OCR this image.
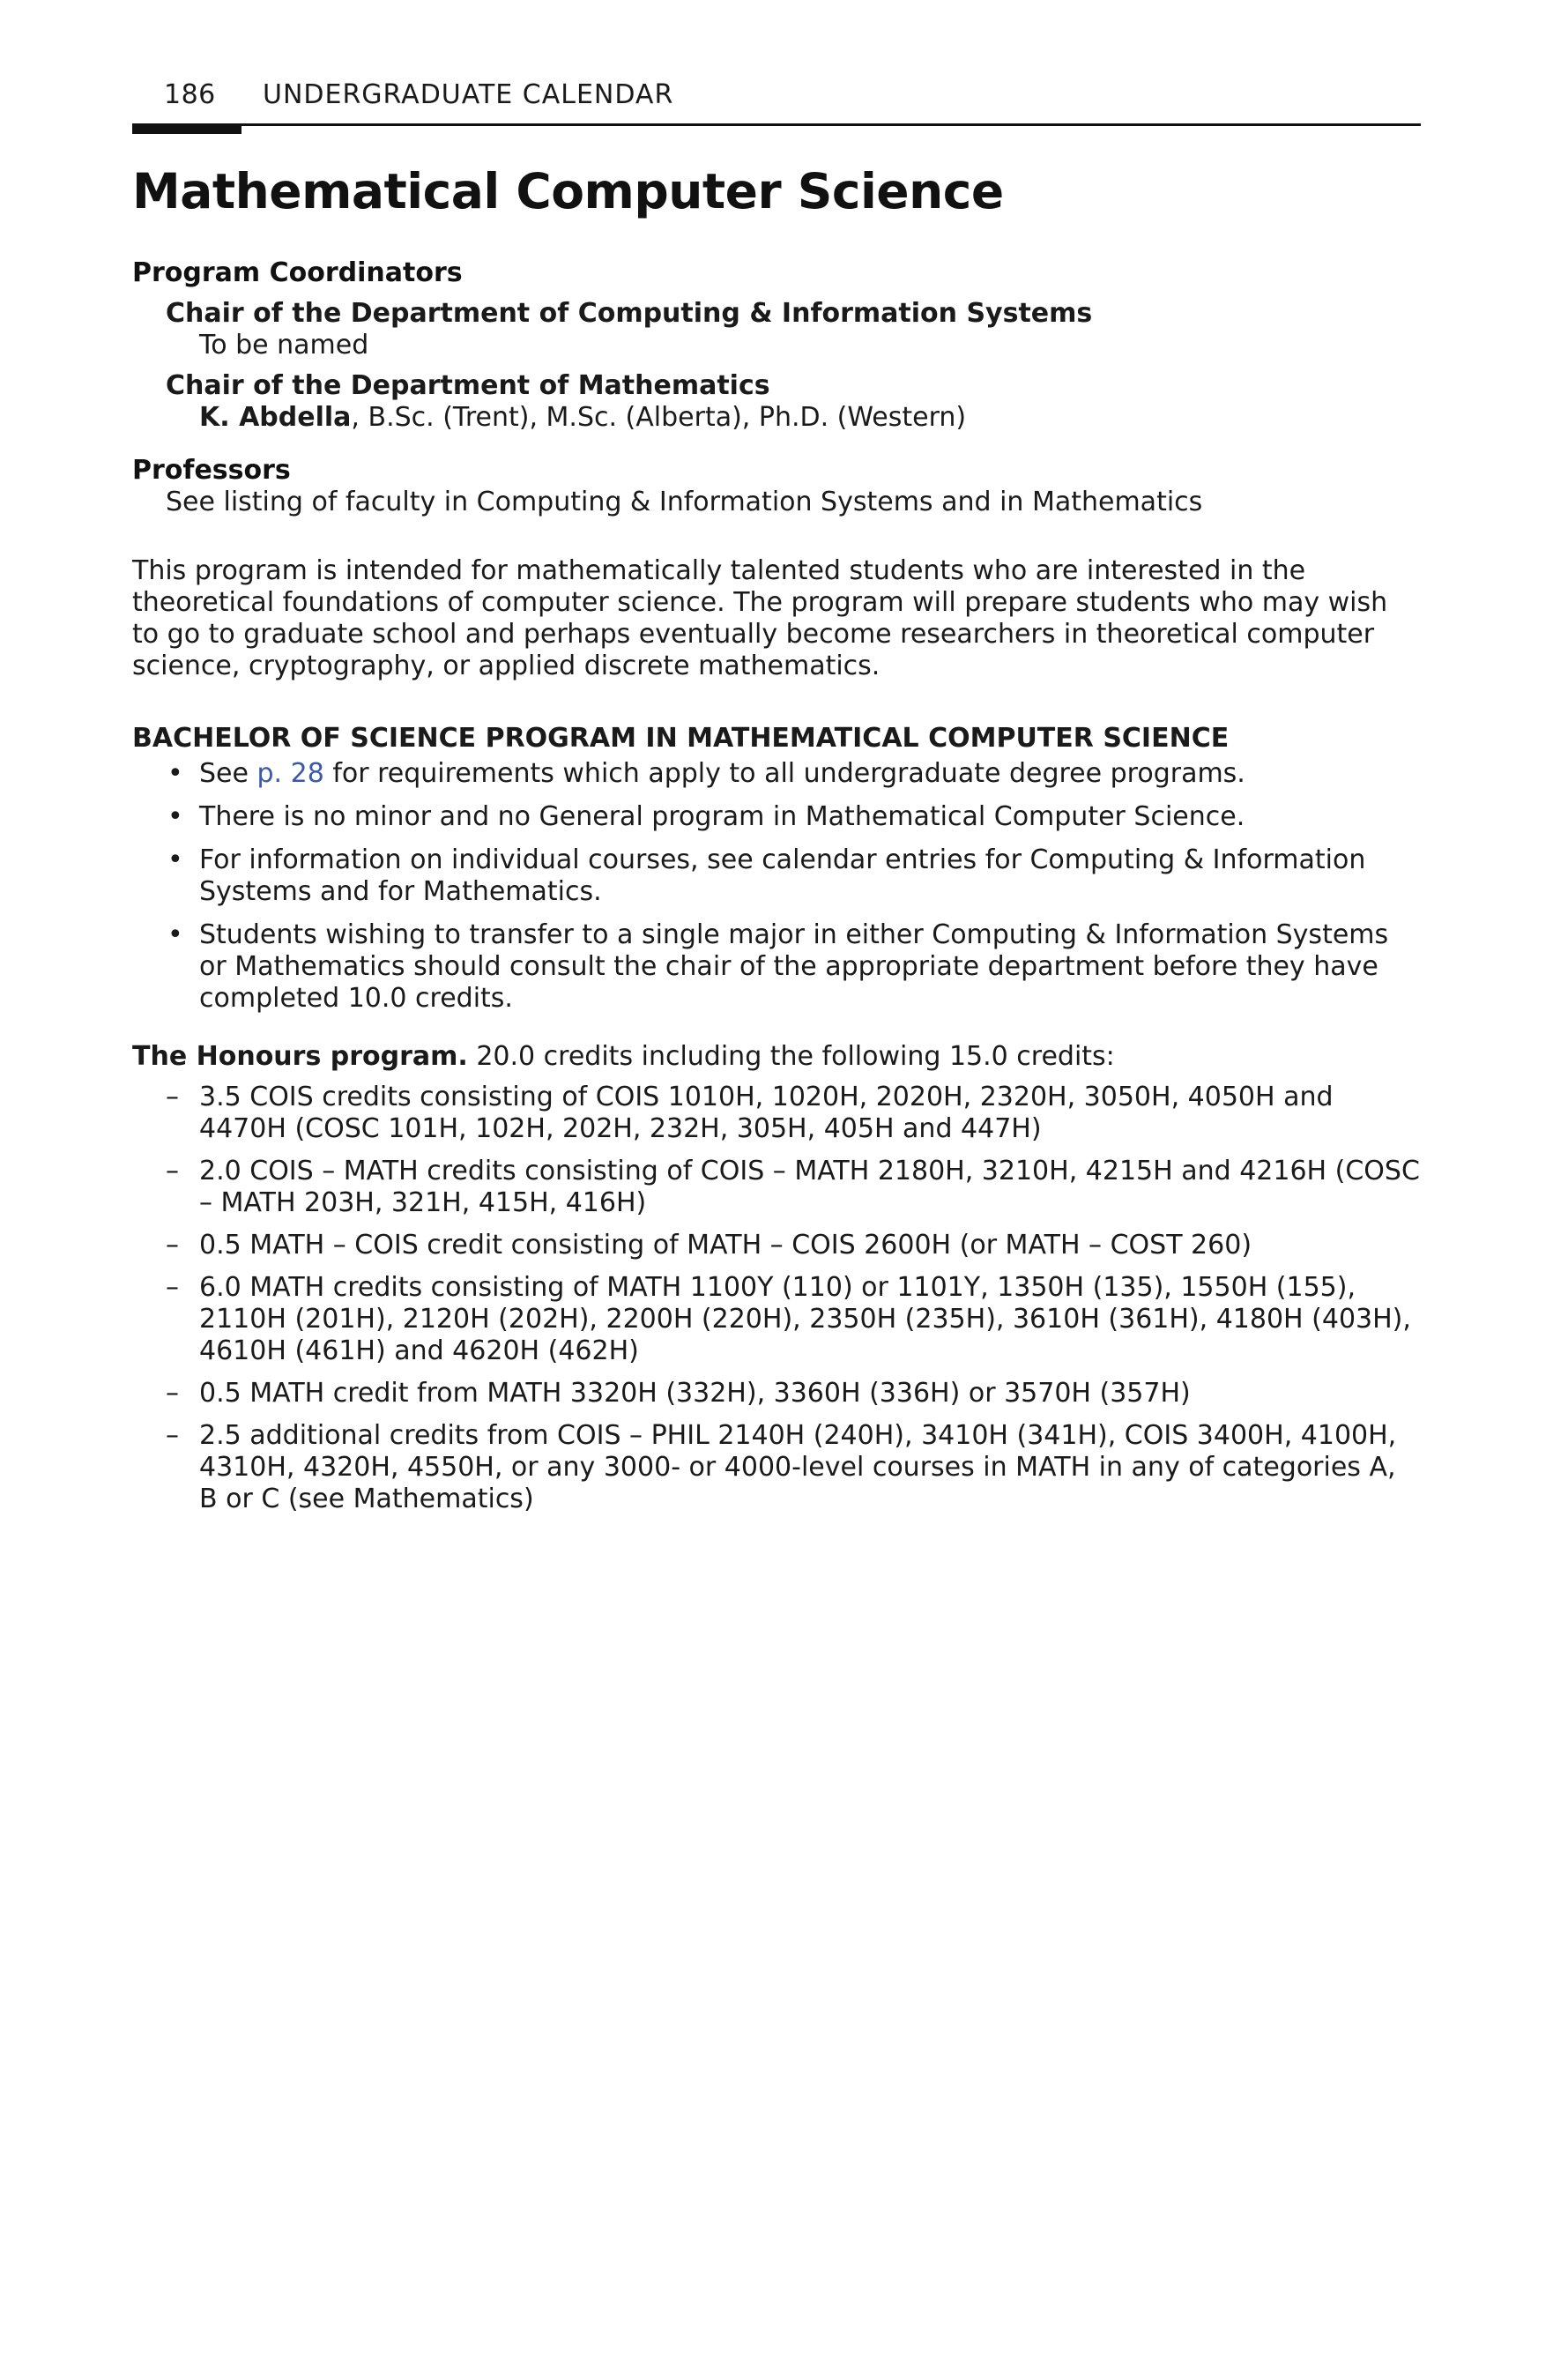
186 UNDERGRADUATE CALENDAR
Mathematical Computer Science
Program Coordinators
Chair of the Department of Computing & Information Systems
To be named
Chair of the Department of Mathematics
K. Abdella, B.Sc. (Trent), M.Sc. (Alberta), Ph.D. (Western)
Professors
See listing of faculty in Computing & Information Systems and in Mathematics
This program is intended for mathematically talented students who are interested in the theoretical foundations of computer science. The program will prepare students who may wish to go to graduate school and perhaps eventually become researchers in theoretical computer science, cryptography, or applied discrete mathematics.
BACHELOR OF SCIENCE PROGRAM IN MATHEMATICAL COMPUTER SCIENCE
• See p. 28 for requirements which apply to all undergraduate degree programs.
• There is no minor and no General program in Mathematical Computer Science.
• For information on individual courses, see calendar entries for Computing & Information Systems and for Mathematics.
• Students wishing to transfer to a single major in either Computing & Information Systems or Mathematics should consult the chair of the appropriate department before they have completed 10.0 credits.
The Honours program. 20.0 credits including the following 15.0 credits:
– 3.5 COIS credits consisting of COIS 1010H, 1020H, 2020H, 2320H, 3050H, 4050H and 4470H (COSC 101H, 102H, 202H, 232H, 305H, 405H and 447H)
– 2.0 COIS – MATH credits consisting of COIS – MATH 2180H, 3210H, 4215H and 4216H (COSC – MATH 203H, 321H, 415H, 416H)
– 0.5 MATH – COIS credit consisting of MATH – COIS 2600H (or MATH – COST 260)
– 6.0 MATH credits consisting of MATH 1100Y (110) or 1101Y, 1350H (135), 1550H (155), 2110H (201H), 2120H (202H), 2200H (220H), 2350H (235H), 3610H (361H), 4180H (403H), 4610H (461H) and 4620H (462H)
– 0.5 MATH credit from MATH 3320H (332H), 3360H (336H) or 3570H (357H)
– 2.5 additional credits from COIS – PHIL 2140H (240H), 3410H (341H), COIS 3400H, 4100H, 4310H, 4320H, 4550H, or any 3000- or 4000-level courses in MATH in any of categories A, B or C (see Mathematics)
